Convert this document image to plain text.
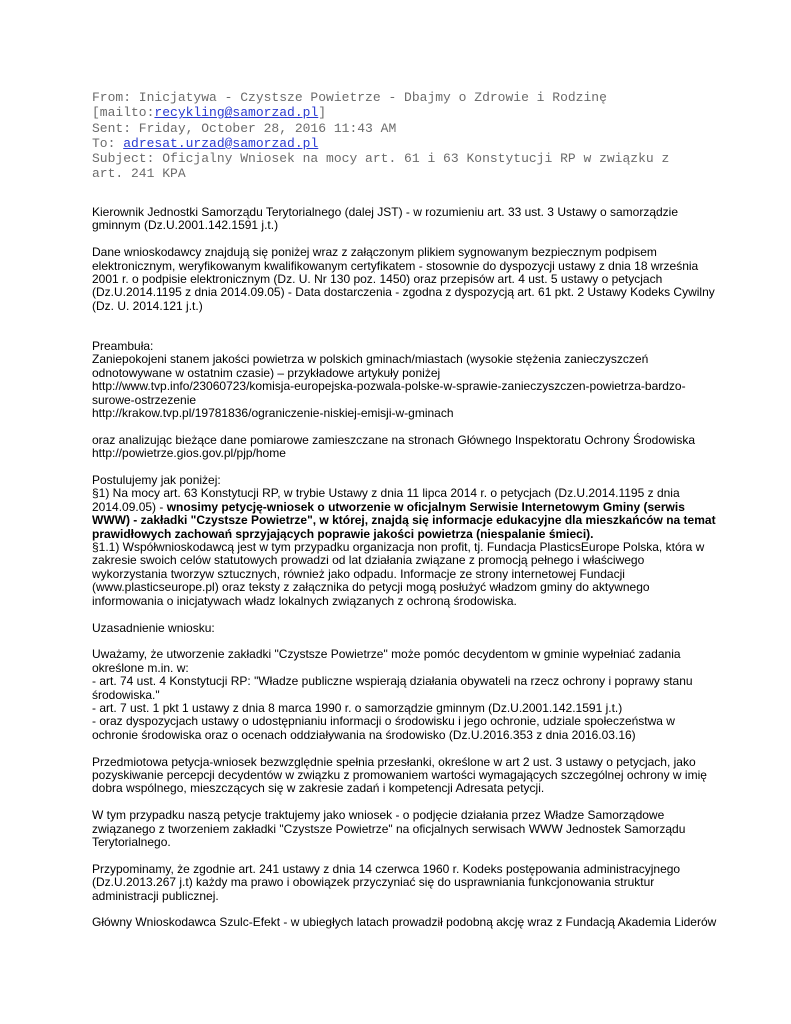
From: Inicjatywa - Czystsze Powietrze - Dbajmy o Zdrowie i Rodzinę
[mailto:recykling@samorzad.pl]
Sent: Friday, October 28, 2016 11:43 AM
To: adresat.urzad@samorzad.pl
Subject: Oficjalny Wniosek na mocy art. 61 i 63 Konstytucji RP w związku z
art. 241 KPA
Kierownik Jednostki Samorządu Terytorialnego (dalej JST) - w rozumieniu art. 33 ust. 3 Ustawy o samorządzie
gminnym (Dz.U.2001.142.1591 j.t.)
Dane wnioskodawcy znajdują się poniżej wraz z załączonym plikiem sygnowanym bezpiecznym podpisem
elektronicznym, weryfikowanym kwalifikowanym certyfikatem - stosownie do dyspozycji ustawy z dnia 18 września
2001 r. o podpisie elektronicznym (Dz. U. Nr 130 poz. 1450) oraz przepisów art. 4 ust. 5 ustawy o petycjach
(Dz.U.2014.1195 z dnia 2014.09.05) - Data dostarczenia - zgodna z dyspozycją art. 61 pkt. 2 Ustawy Kodeks Cywilny
(Dz. U. 2014.121 j.t.)
Preambuła:
Zaniepokojeni stanem jakości powietrza w polskich gminach/miastach (wysokie stężenia zanieczyszczeń
odnotowywane w ostatnim czasie) – przykładowe artykuły poniżej
http://www.tvp.info/23060723/komisja-europejska-pozwala-polske-w-sprawie-zanieczyszczen-powietrza-bardzo-
surowe-ostrzezenie
http://krakow.tvp.pl/19781836/ograniczenie-niskiej-emisji-w-gminach
oraz analizując bieżące dane pomiarowe zamieszczane na stronach Głównego Inspektoratu Ochrony Środowiska
http://powietrze.gios.gov.pl/pjp/home
Postulujemy jak poniżej:
§1) Na mocy art. 63 Konstytucji RP, w trybie Ustawy z dnia 11 lipca 2014 r. o petycjach (Dz.U.2014.1195 z dnia
2014.09.05) - wnosimy petycję-wniosek o utworzenie w oficjalnym Serwisie Internetowym Gminy (serwis
WWW) - zakładki "Czystsze Powietrze", w której, znajdą się informacje edukacyjne dla mieszkańców na temat
prawidłowych zachowań sprzyjających poprawie jakości powietrza (niespalanie śmieci).
§1.1) Współwnioskodawcą jest w tym przypadku organizacja non profit, tj. Fundacja PlasticsEurope Polska, która w
zakresie swoich celów statutowych prowadzi od lat działania związane z promocją pełnego i właściwego
wykorzystania tworzyw sztucznych, również jako odpadu. Informacje ze strony internetowej Fundacji
(www.plasticseurope.pl) oraz teksty z załącznika do petycji mogą posłużyć władzom gminy do aktywnego
informowania o inicjatywach władz lokalnych związanych z ochroną środowiska.
Uzasadnienie wniosku:
Uważamy, że utworzenie zakładki "Czystsze Powietrze" może pomóc decydentom w gminie wypełniać zadania
określone m.in. w:
- art. 74 ust. 4 Konstytucji RP: "Władze publiczne wspierają działania obywateli na rzecz ochrony i poprawy stanu
środowiska."
- art. 7 ust. 1 pkt 1 ustawy z dnia 8 marca 1990 r. o samorządzie gminnym (Dz.U.2001.142.1591 j.t.)
- oraz dyspozycjach ustawy o udostępnianiu informacji o środowisku i jego ochronie, udziale społeczeństwa w
ochronie środowiska oraz o ocenach oddziaływania na środowisko (Dz.U.2016.353 z dnia 2016.03.16)
Przedmiotowa petycja-wniosek bezwzględnie spełnia przesłanki, określone w art 2 ust. 3 ustawy o petycjach, jako
pozyskiwanie percepcji decydentów w związku z promowaniem wartości wymagających szczególnej ochrony w imię
dobra wspólnego, mieszczących się w zakresie zadań i kompetencji Adresata petycji.
W tym przypadku naszą petycje traktujemy jako wniosek - o podjęcie działania przez Władze Samorządowe
związanego z tworzeniem zakładki "Czystsze Powietrze" na oficjalnych serwisach WWW Jednostek Samorządu
Terytorialnego.
Przypominamy, że zgodnie art. 241 ustawy z dnia 14 czerwca 1960 r. Kodeks postępowania administracyjnego
(Dz.U.2013.267 j.t) każdy ma prawo i obowiązek przyczyniać się do usprawniania funkcjonowania struktur
administracji publicznej.
Główny Wnioskodawca Szulc-Efekt - w ubiegłych latach prowadził podobną akcję wraz z Fundacją Akademia Liderów
